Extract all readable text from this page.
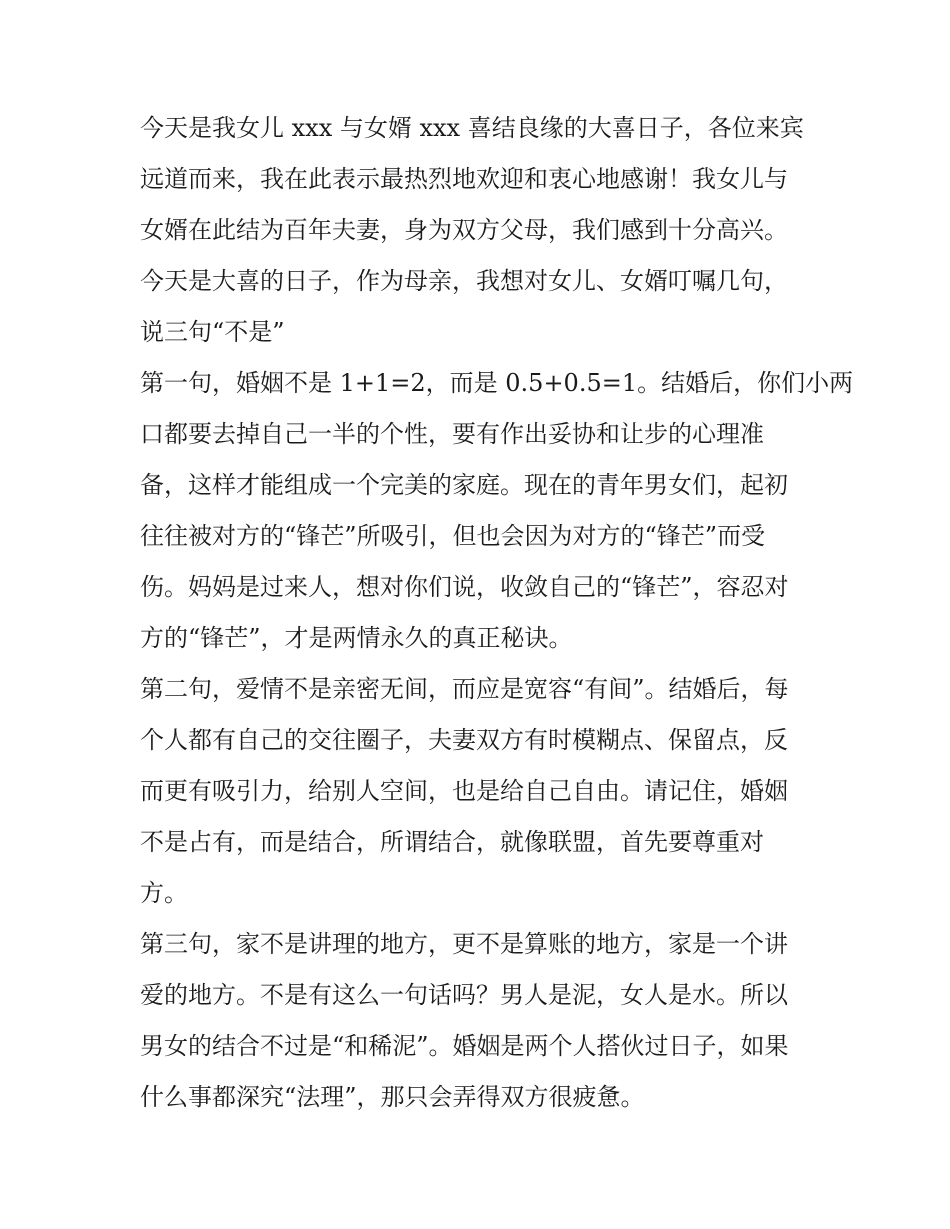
今天是我女儿 xxx 与女婿 xxx 喜结良缘的大喜日子，各位来宾
远道而来，我在此表示最热烈地欢迎和衷心地感谢！我女儿与
女婿在此结为百年夫妻，身为双方父母，我们感到十分高兴。
今天是大喜的日子，作为母亲，我想对女儿、女婿叮嘱几句，
说三句“不是”
第一句，婚姻不是 1+1=2，而是 0.5+0.5=1。结婚后，你们小两
口都要去掉自己一半的个性，要有作出妥协和让步的心理准
备，这样才能组成一个完美的家庭。现在的青年男女们，起初
往往被对方的“锋芒”所吸引，但也会因为对方的“锋芒”而受
伤。妈妈是过来人，想对你们说，收敛自己的“锋芒”，容忍对
方的“锋芒”，才是两情永久的真正秘诀。
第二句，爱情不是亲密无间，而应是宽容“有间”。结婚后，每
个人都有自己的交往圈子，夫妻双方有时模糊点、保留点，反
而更有吸引力，给别人空间，也是给自己自由。请记住，婚姻
不是占有，而是结合，所谓结合，就像联盟，首先要尊重对
方。
第三句，家不是讲理的地方，更不是算账的地方，家是一个讲
爱的地方。不是有这么一句话吗？男人是泥，女人是水。所以
男女的结合不过是“和稀泥”。婚姻是两个人搭伙过日子，如果
什么事都深究“法理”，那只会弄得双方很疲惫。
